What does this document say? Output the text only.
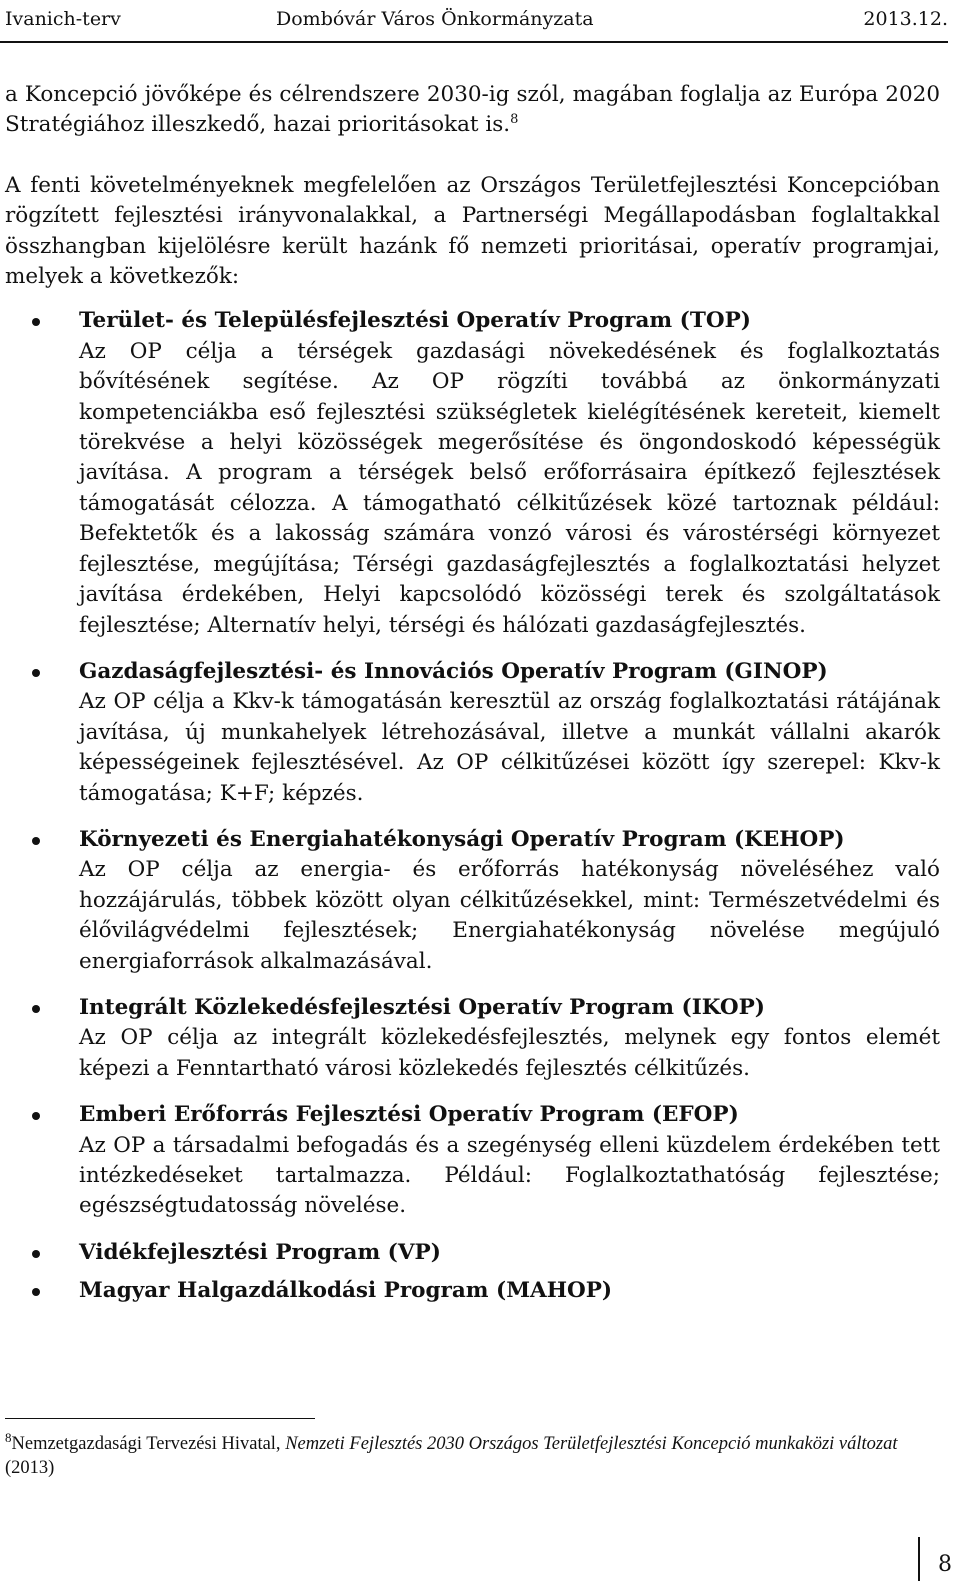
Ivanich-terv	Dombóvár Város Önkormányzata	2013.12.

a Koncepció jövőképe és célrendszere 2030-ig szól, magában foglalja az Európa 2020 Stratégiához illeszkedő, hazai prioritásokat is.$^8$

A fenti követelményeknek megfelelően az Országos Területfejlesztési Koncepcióban rögzített fejlesztési irányvonalakkal, a Partnerségi Megállapodásban foglaltakkal összhangban kijelölésre került hazánk fő nemzeti prioritásai, operatív programjai, melyek a következők:

Terület- és Településfejlesztési Operatív Program (TOP)
Az OP célja a térségek gazdasági növekedésének és foglalkoztatás bővítésének segítése. Az OP rögzíti továbbá az önkormányzati kompetenciákba eső fejlesztési szükségletek kielégítésének kereteit, kiemelt törekvése a helyi közösségek megerősítése és öngondoskodó képességük javítása. A program a térségek belső erőforrásaira építkező fejlesztések támogatását célozza. A támogatható célkitűzések közé tartoznak például: Befektetők és a lakosság számára vonzó városi és várostérségi környezet fejlesztése, megújítása; Térségi gazdaságfejlesztés a foglalkoztatási helyzet javítása érdekében, Helyi kapcsolódó közösségi terek és szolgáltatások fejlesztése; Alternatív helyi, térségi és hálózati gazdaságfejlesztés.
Gazdaságfejlesztési- és Innovációs Operatív Program (GINOP)
Az OP célja a Kkv-k támogatásán keresztül az ország foglalkoztatási rátájának javítása, új munkahelyek létrehozásával, illetve a munkát vállalni akarók képességeinek fejlesztésével. Az OP célkitűzései között így szerepel: Kkv-k támogatása; K+F; képzés.
Környezeti és Energiahatékonysági Operatív Program (KEHOP)
Az OP célja az energia- és erőforrás hatékonyság növeléséhez való hozzájárulás, többek között olyan célkitűzésekkel, mint: Természetvédelmi és élővilágvédelmi fejlesztések; Energiahatékonyság növelése megújuló energiaforrások alkalmazásával.
Integrált Közlekedésfejlesztési Operatív Program (IKOP)
Az OP célja az integrált közlekedésfejlesztés, melynek egy fontos elemét képezi a Fenntartható városi közlekedés fejlesztés célkitűzés.
Emberi Erőforrás Fejlesztési Operatív Program (EFOP)
Az OP a társadalmi befogadás és a szegénység elleni küzdelem érdekében tett intézkedéseket tartalmazza. Például: Foglalkoztathatóság fejlesztése; egészségtudatosság növelése.
Vidékfejlesztési Program (VP)
Magyar Halgazdálkodási Program (MAHOP)
$^8$Nemzetgazdasági Tervezési Hivatal, Nemzeti Fejlesztés 2030 Országos Területfejlesztési Koncepció munkaközi változat (2013)
8
